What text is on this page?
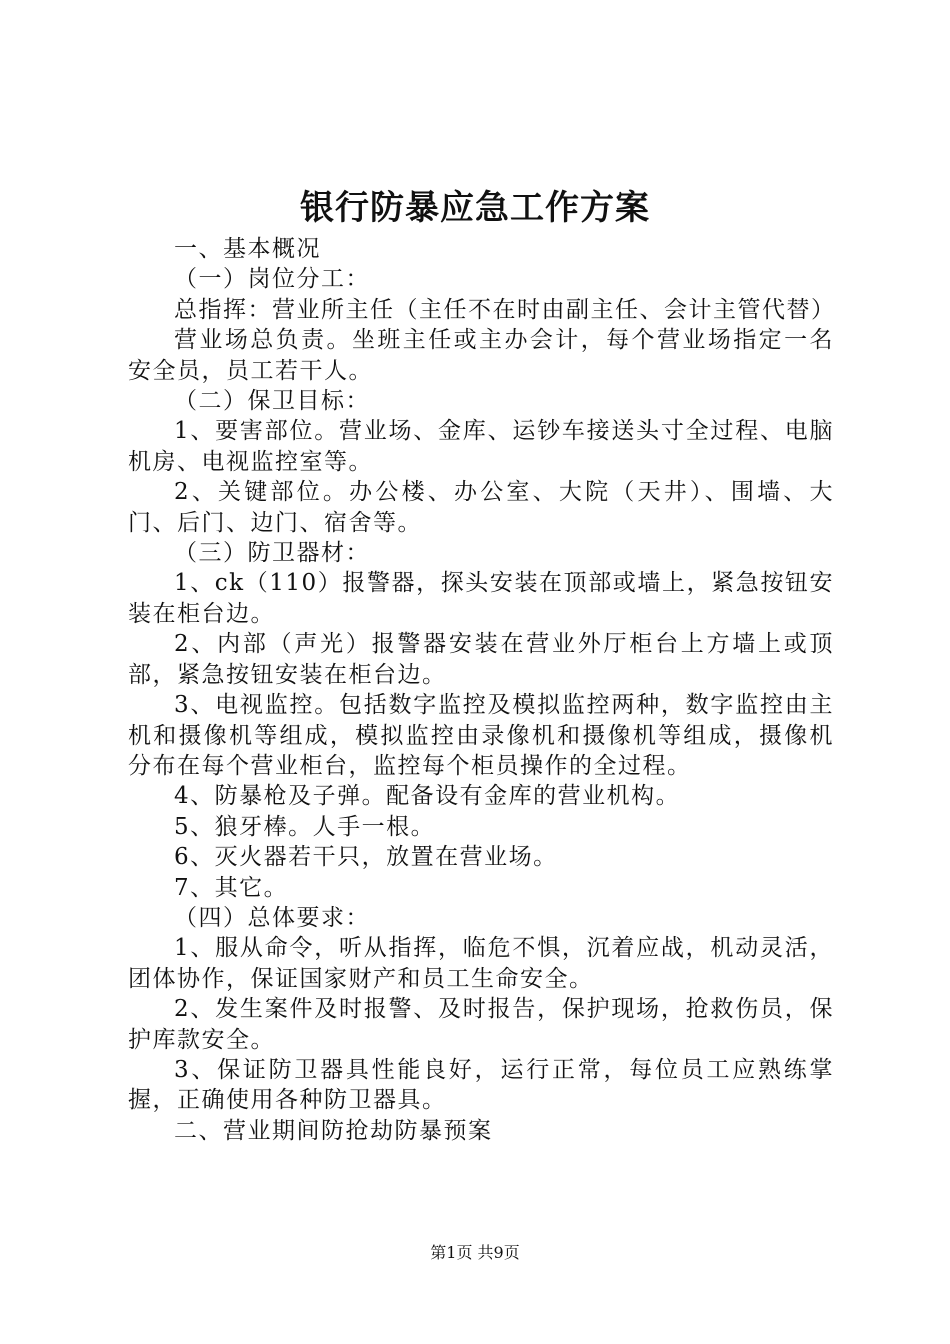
银行防暴应急工作方案

一、基本概况

（一）岗位分工：

总指挥：营业所主任（主任不在时由副主任、会计主管代替）

营业场总负责。坐班主任或主办会计，每个营业场指定一名安全员，员工若干人。

（二）保卫目标：

1、要害部位。营业场、金库、运钞车接送头寸全过程、电脑机房、电视监控室等。

2、关键部位。办公楼、办公室、大院（天井）、围墙、大门、后门、边门、宿舍等。

（三）防卫器材：

1、ck（110）报警器，探头安装在顶部或墙上，紧急按钮安装在柜台边。

2、内部（声光）报警器安装在营业外厅柜台上方墙上或顶部，紧急按钮安装在柜台边。

3、电视监控。包括数字监控及模拟监控两种，数字监控由主机和摄像机等组成，模拟监控由录像机和摄像机等组成，摄像机分布在每个营业柜台，监控每个柜员操作的全过程。

4、防暴枪及子弹。配备设有金库的营业机构。

5、狼牙棒。人手一根。

6、灭火器若干只，放置在营业场。

7、其它。

（四）总体要求：

1、服从命令，听从指挥，临危不惧，沉着应战，机动灵活，团体协作，保证国家财产和员工生命安全。

2、发生案件及时报警、及时报告，保护现场，抢救伤员，保护库款安全。

3、保证防卫器具性能良好，运行正常，每位员工应熟练掌握，正确使用各种防卫器具。

二、营业期间防抢劫防暴预案

第1页 共9页
